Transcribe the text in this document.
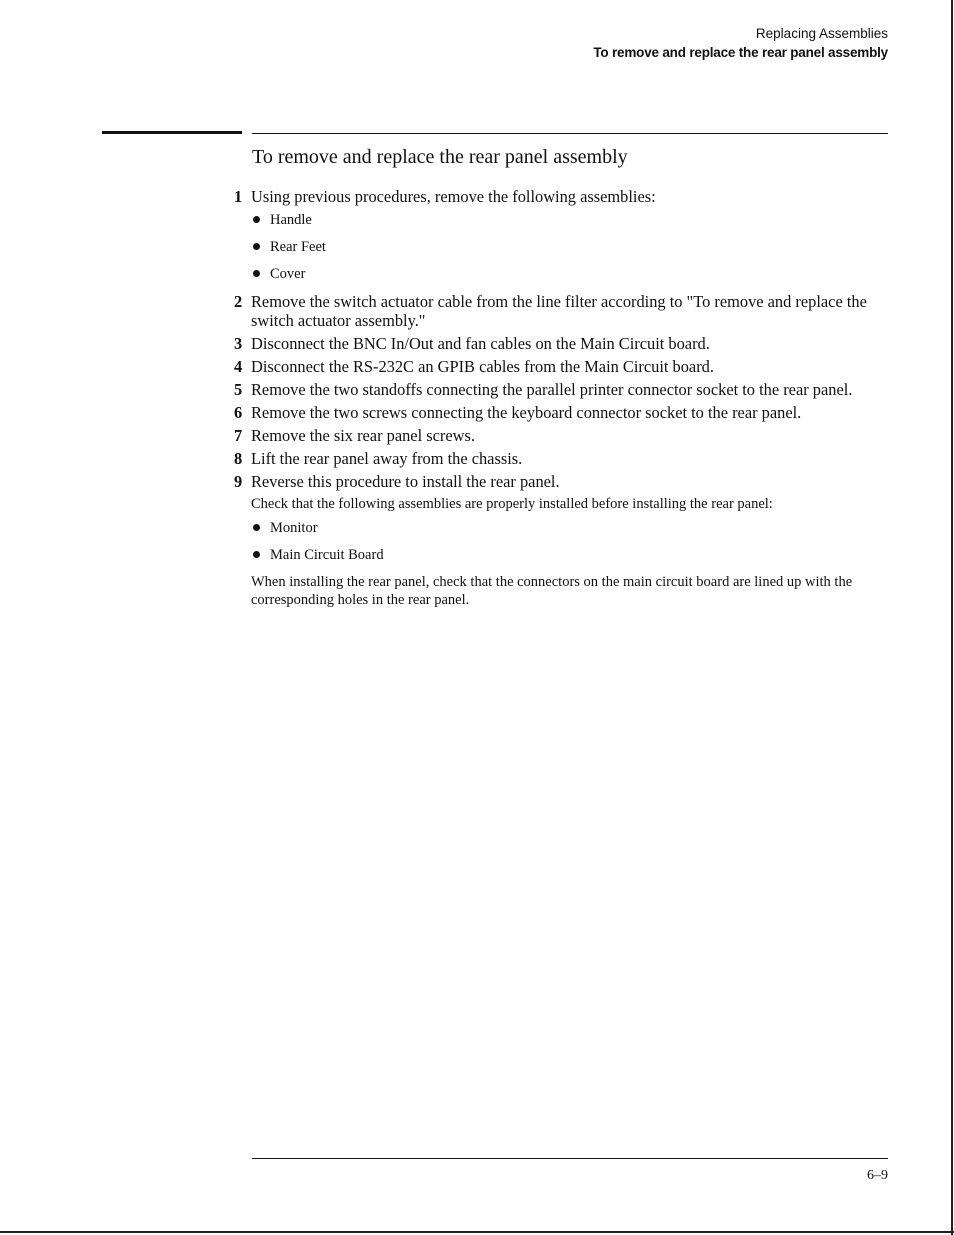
Replacing Assemblies
To remove and replace the rear panel assembly
To remove and replace the rear panel assembly
1 Using previous procedures, remove the following assemblies:
Handle
Rear Feet
Cover
2 Remove the switch actuator cable from the line filter according to "To remove and replace the switch actuator assembly."
3 Disconnect the BNC In/Out and fan cables on the Main Circuit board.
4 Disconnect the RS-232C an GPIB cables from the Main Circuit board.
5 Remove the two standoffs connecting the parallel printer connector socket to the rear panel.
6 Remove the two screws connecting the keyboard connector socket to the rear panel.
7 Remove the six rear panel screws.
8 Lift the rear panel away from the chassis.
9 Reverse this procedure to install the rear panel.
Check that the following assemblies are properly installed before installing the rear panel:
Monitor
Main Circuit Board
When installing the rear panel, check that the connectors on the main circuit board are lined up with the corresponding holes in the rear panel.
6–9
